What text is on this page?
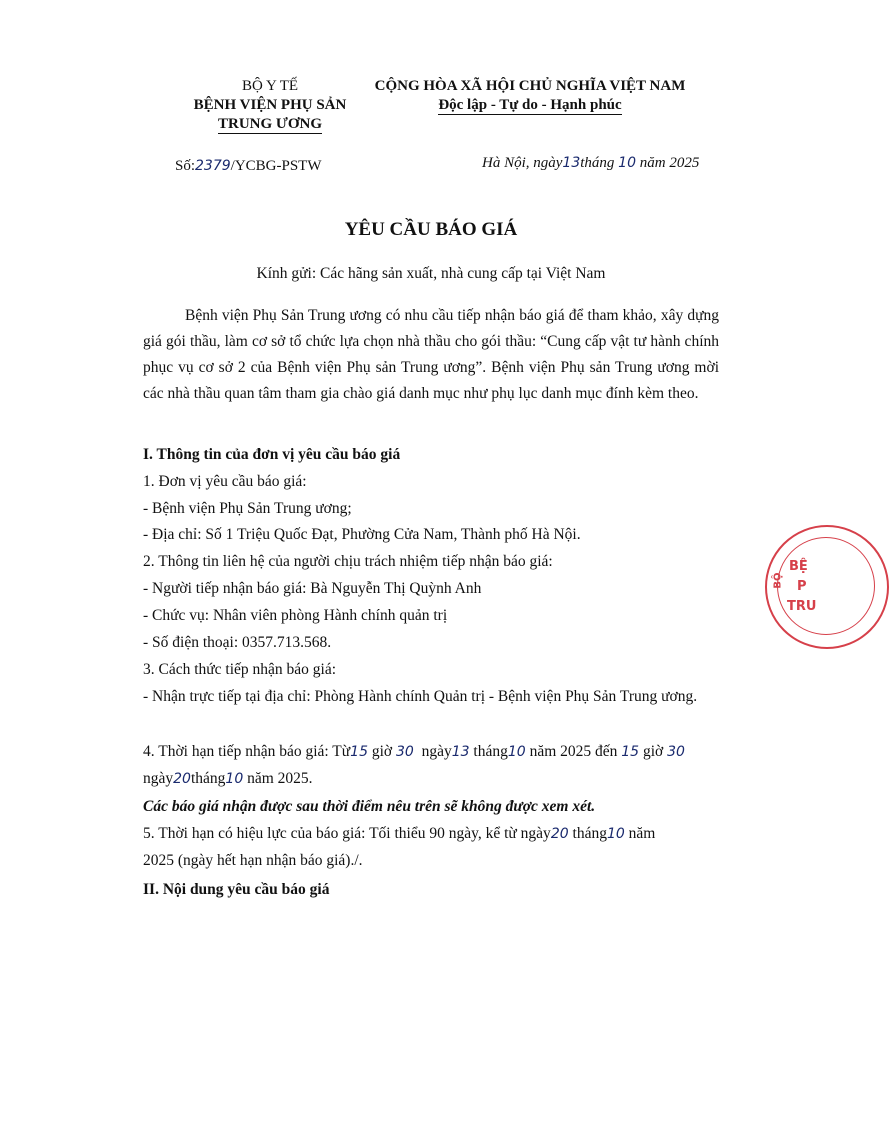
BỘ Y TẾ
BỆNH VIỆN PHỤ SẢN
TRUNG ƯƠNG
CỘNG HÒA XÃ HỘI CHỦ NGHĨA VIỆT NAM
Độc lập - Tự do - Hạnh phúc
Số:2379/YCBG-PSTW	Hà Nội, ngày13tháng 10 năm 2025
YÊU CẦU BÁO GIÁ
Kính gửi: Các hãng sản xuất, nhà cung cấp tại Việt Nam
Bệnh viện Phụ Sản Trung ương có nhu cầu tiếp nhận báo giá để tham khảo, xây dựng giá gói thầu, làm cơ sở tổ chức lựa chọn nhà thầu cho gói thầu: “Cung cấp vật tư hành chính phục vụ cơ sở 2 của Bệnh viện Phụ sản Trung ương”. Bệnh viện Phụ sản Trung ương mời các nhà thầu quan tâm tham gia chào giá danh mục như phụ lục danh mục đính kèm theo.
I. Thông tin của đơn vị yêu cầu báo giá
1. Đơn vị yêu cầu báo giá:
- Bệnh viện Phụ Sản Trung ương;
- Địa chỉ: Số 1 Triệu Quốc Đạt, Phường Cửa Nam, Thành phố Hà Nội.
2. Thông tin liên hệ của người chịu trách nhiệm tiếp nhận báo giá:
- Người tiếp nhận báo giá: Bà Nguyễn Thị Quỳnh Anh
- Chức vụ: Nhân viên phòng Hành chính quản trị
- Số điện thoại: 0357.713.568.
3. Cách thức tiếp nhận báo giá:
- Nhận trực tiếp tại địa chỉ: Phòng Hành chính Quản trị - Bệnh viện Phụ Sản Trung ương.
4. Thời hạn tiếp nhận báo giá: Từ15 giờ 30 ngày13 tháng10 năm 2025 đến 15 giờ 30
ngày20tháng10 năm 2025.
Các báo giá nhận được sau thời điểm nêu trên sẽ không được xem xét.
5. Thời hạn có hiệu lực của báo giá: Tối thiểu 90 ngày, kể từ ngày20 tháng10 năm
2025 (ngày hết hạn nhận báo giá)./.
II. Nội dung yêu cầu báo giá
BỘ
BỆ
P
TRU
